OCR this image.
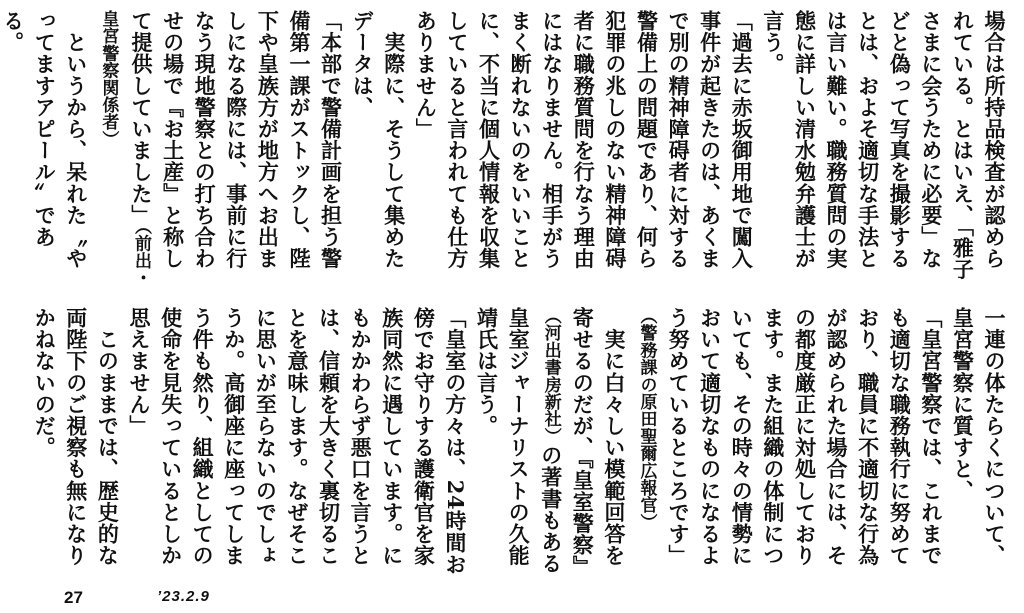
場合は所持品検査が認められている。とはいえ、「雅子さまに会うために必要」などと偽って写真を撮影するとは、およそ適切な手法とは言い難い。職務質問の実態に詳しい清水勉弁護士が言う。

「過去に赤坂御用地で闖入事件が起きたのは、あくまで別の精神障碍者に対する警備上の問題であり、何ら犯罪の兆しのない精神障碍者に職務質問を行なう理由にはなりません。相手がうまく断れないのをいいことに、不当に個人情報を収集していると言われても仕方ありません」

　実際に、そうして集めたデータは、

「本部で警備計画を担う警備第一課がストックし、陛下や皇族方が地方へお出ましになる際には、事前に行なう現地警察との打ち合わせの場で『お土産』と称して提供していました」（前出・皇宮警察関係者）

　というから、呆れた〝やってますアピール〟である。

一連の体たらくについて、皇宮警察に質すと、

「皇宮警察では、これまでも適切な職務執行に努めており、職員に不適切な行為が認められた場合には、その都度厳正に対処しております。また組織の体制についても、その時々の情勢において適切なものになるよう努めているところです」

（警務課の原田聖爾広報官）

　実に白々しい模範回答を寄せるのだが、『皇室警察』（河出書房新社）の著書もある皇室ジャーナリストの久能靖氏は言う。

「皇室の方々は、24時間お傍でお守りする護衛官を家族同然に遇しています。にもかかわらず悪口を言うとは、信頼を大きく裏切ることを意味します。なぜそこに思いが至らないのでしょうか。高御座に座ってしまう件も然り、組織としての使命を見失っているとしか思えません」

　このままでは、歴史的な両陛下のご視察も無になりかねないのだ。

27	’23.2.9
